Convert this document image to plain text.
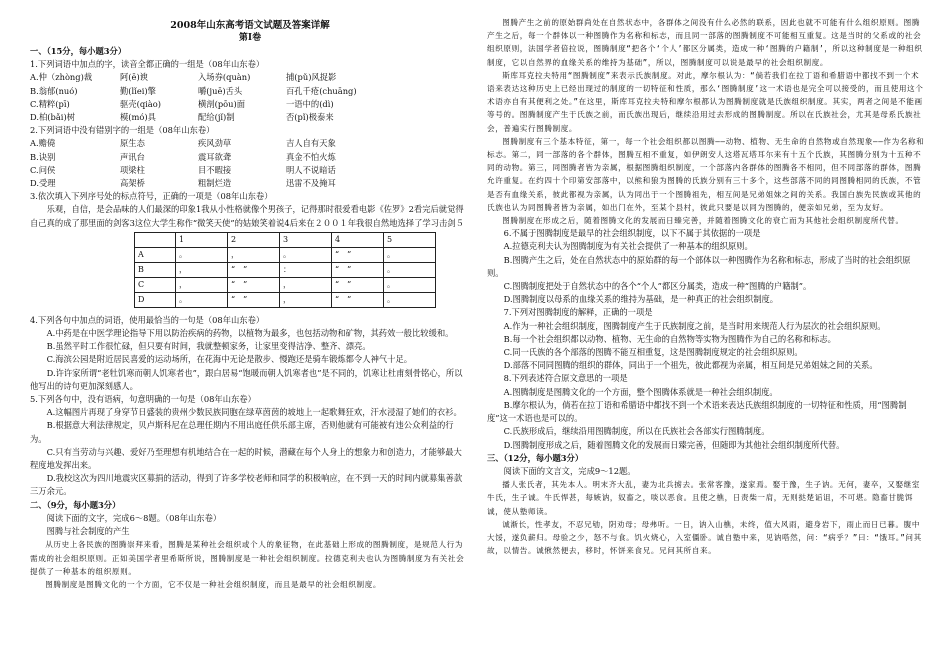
2008年山东高考语文试题及答案详解

第Ⅰ卷

一、（15分，每小题3分）

1.下列词语中加点的字，读音全都正确的一组是（08年山东卷）

A.仲（zhòng)裁	阿(ē)谀	入场券(quàn)	捕(pǔ)风捉影
B.翁郁(nuó)	勤(lǐei)擎	嚼(juē)舌头	百孔千疮(chuāng)
C.精粹(pī)	驱壳(qiào)	横剖(pōu)面	一语中的(dì)
D.柏(bǎi)树	模(mó)具	配给(jǐ)制	否(pǐ)极泰来

2.下列词语中没有错别字的一组是（08年山东卷）

A.赡僥	原生态	疾风劲草	吉人自有天象
B.诀别	声讯台	震耳欲聋	真金不怕火炼
C.问侯	项梁柱	目不暇接	明人不说暗话
D.受理	高架桥	粗制烂造	迅雷不及掩耳

3.依次填入下列序号处的标点符号，正确的一项是（08年山东卷）

乐观，自信，是会品味的人们最深的印象1我从小性格就像个男孩子，记得那时很爱看电影《佐罗》2看完后就觉得自己真的成了那里面的剑客3这位大学生称作“微笑天使”的姑娘笑着说4后来在２００１年我很自然地选择了学习击剑５

	1	2	3	4	5
A	。	，	。	“　”	。
B	，	“　”	：	“　”	。
C	，	“　”	，	“　”	。
D	。	“　”	，	“　”	。

4.下列各句中加点的词语，使用最恰当的一句是（08年山东卷）

A.中药是在中医学理论指导下用以防治疾病的药物，以植物为最多，也包括动物和矿物，其药效一般比较缓和。

B.虽然平时工作很忙碌，但只要有时间，我就整顿家务，让家里变得洁净、整齐、漂亮。

C.海滨公园是附近居民喜爱的运动场所，在花海中无论是散步、慢跑还是骑车锻炼都令人神气十足。

D.许许家所谓“老牡饥寒而朝人饥寒者也”，跟白居易“饱暖而朝人饥寒者也”是不同的，饥寒让杜甫刻骨铭心，所以他写出的诗句更加深刻感人。

5.下列各句中，没有语病，句意明确的一句是（08年山东卷）

A.这幅图片再现了身穿节日盛装的贵州少数民族同胞在绿草茵茵的坡地上一起歌舞狂欢，汗水浸湿了她们的衣衫。

B.根据意大利法律规定，贝卢斯科尼在总理任期内不用出庭任供乐部主席，否则他就有可能被有违公众利益的行为。

C.只有当劳动与兴趣、爱好乃至理想有机地结合在一起的时候，潜藏在每个人身上的想象力和创造力，才能够最大程度地发挥出来。

D.我校这次为四川地震灾区募捐的活动，得到了许多学校老师和同学的积极响应，在不到一天的时间内就募集善款三万余元。

二、（9分，每小题3分）

阅读下面的文字，完成6～8题。（08年山东卷）

图腾与社会制度的产生

从历史上各民族的图腾崇拜来看，图腾是某种社会组织或个人的象征物，在此基础上形成的图腾制度，是规范人行为需成的社会组织原则。正如美国学者里希斯所说，图腾制度是一种社会组织制度。拉德克利夫也认为图腾制度为有关社会提供了一种基本的组织原则。

图腾制度是图腾文化的一个方面，它不仅是一种社会组织制度，而且是最早的社会组织制度。

图腾产生之前的原始群尚处在自然状态中，各群体之间没有什么必然的联系，因此也就不可能有什么组织原则。图腾产生之后，每一个群体以一种图腾作为名称和标志，而且同一部落的图腾制度不可能相互重复。这是当时的父系或的社会组织原则，法国学者倍拉说，图腾制度“把各个‘个人’都区分属类，造成一种‘图腾的户籍制’，所以这种制度是一种组织制度，它以自然界的血缘关系的维持为基础”，所以，图腾制度可以说是最早的社会组织制度。

斯库耳克拉夫特用“图腾制度”来表示氏族制度。对此，摩尔根认为：“倘若我们在拉丁语和希腊语中都找不到一个术语来表达这种历史上已经出现过的制度的一切特征和性质，那么‘图腾制度’这一术语也是完全可以接受的，而且使用这个术语亦自有其便利之处。”在这里，斯库耳克拉夫特和摩尔根都认为图腾制度就是氏族组织制度。其实，两者之间是不能画等号的。图腾制度产生于氏族之前，而氏族出现后，继续沿用过去形成的图腾制度。所以在氏族社会，尤其是母系氏族社会，普遍实行图腾制度。

图腾制度有三个基本特征，第一，每一个社会组织都以图腾——动物、植物、无生命的自然物或自然现象——作为名称和标志。第二，同一部落的各个群体，图腾互相不重复，如伊朗安人这塔瓦塔耳尔来有十五个氏族，其图腾分别为十五种不同的动物。第三，同图腾者皆为亲属，根据图腾组织制度，一个部落内各群体的图腾各不相同，但不同部落的群体，图腾允许重复。在约四十个印第安部落中，以熊和狼为图腾的氏族分别有三十多个，这些部落不同的同图腾相同的氏族，不管是否有血缘关系，彼此都视为亲属，认为同出于一个图腾祖先，相互间是兄弟姐妹之间的关系。我国白族先民族或其他的氏族也认为同图腾者皆为亲属，如出门在外，至某个县村，彼此只要是以同为图腾的，便亲如兄弟，至为友好。

图腾制度在形成之后，随着图腾文化的发展而日臻完善，并随着图腾文化的衰亡而为其他社会组织制度所代替。

6.不属于图腾制度是最早的社会组织制度，以下不属于其依据的一项是

A.拉德克利夫认为图腾制度为有关社会提供了一种基本的组织原则。

B.图腾产生之后，处在自然状态中的原始群的每一个部体以一种图腾作为名称和标志，形成了当时的社会组织原则。

C.图腾制度把处于自然状态中的各个“个人”都区分属类，造成一种“图腾的户籍制”。

D.图腾制度以母系的血缘关系的维持为基础，是一种真正的社会组织制度。

7.下列对图腾制度的解释，正确的一项是

A.作为一种社会组织制度，图腾制度产生于氏族制度之前，是当时用来规范人行为层次的社会组织原则。

B.每一个社会组织都以动物、植物、无生命的自然物等实物为图腾作为自己的名称和标志。

C.同一氏族的各个部落的图腾不能互相重复，这是图腾制度规定的社会组织原则。

D.部落不同同图腾的组织的群体，同出于一个祖先，彼此都视为亲属，相互间是兄弟姐妹之间的关系。

8.下列表述符合原文意思的一项是

A.图腾制度是图腾文化的一个方面，整个图腾体系就是一种社会组织制度。

B.摩尔根认为，倘若在拉丁语和希腊语中都找不到一个术语来表达氏族组织制度的一切特征和性质，用“图腾制度”这一术语也是可以的。

C.氏族形成后，继续沿用图腾制度，所以在氏族社会各部实行图腾制度。

D.图腾制度形成之后，随着图腾文化的发展而日臻完善，但随即为其他社会组织制度所代替。

三、（12分，每小题3分）

阅读下面的文言文，完成9～12题。

播人张氏者，其先本人。明末齐大乱，妻为北兵掳去。张常客豫，遂家焉。娶于豫，生子讷。无何，妻卒，又娶继室牛氏，生子诚。牛氏悍甚，每嫉讷，奴畜之，啖以恶食。且使之樵，日责柴一肩，无则挞楚诟诅，不可堪。隐畜甘脆饵诚，使从塾师读。

诚渐长，性孝友，不忍兄劬，阴劝母；母弗听。一日，讷入山樵，未终，值大风雨，避身岩下，雨止而日已暮。腹中大馁，遂负薪归。母验之少，怒不与食。饥火烧心，入室僵卧。诚自塾中来，见讷嗒然，问：“病乎？”曰：“饿耳。”问其故，以情告。诚愀然便去，移时，怀饼来食兄。兄问其所自来。
